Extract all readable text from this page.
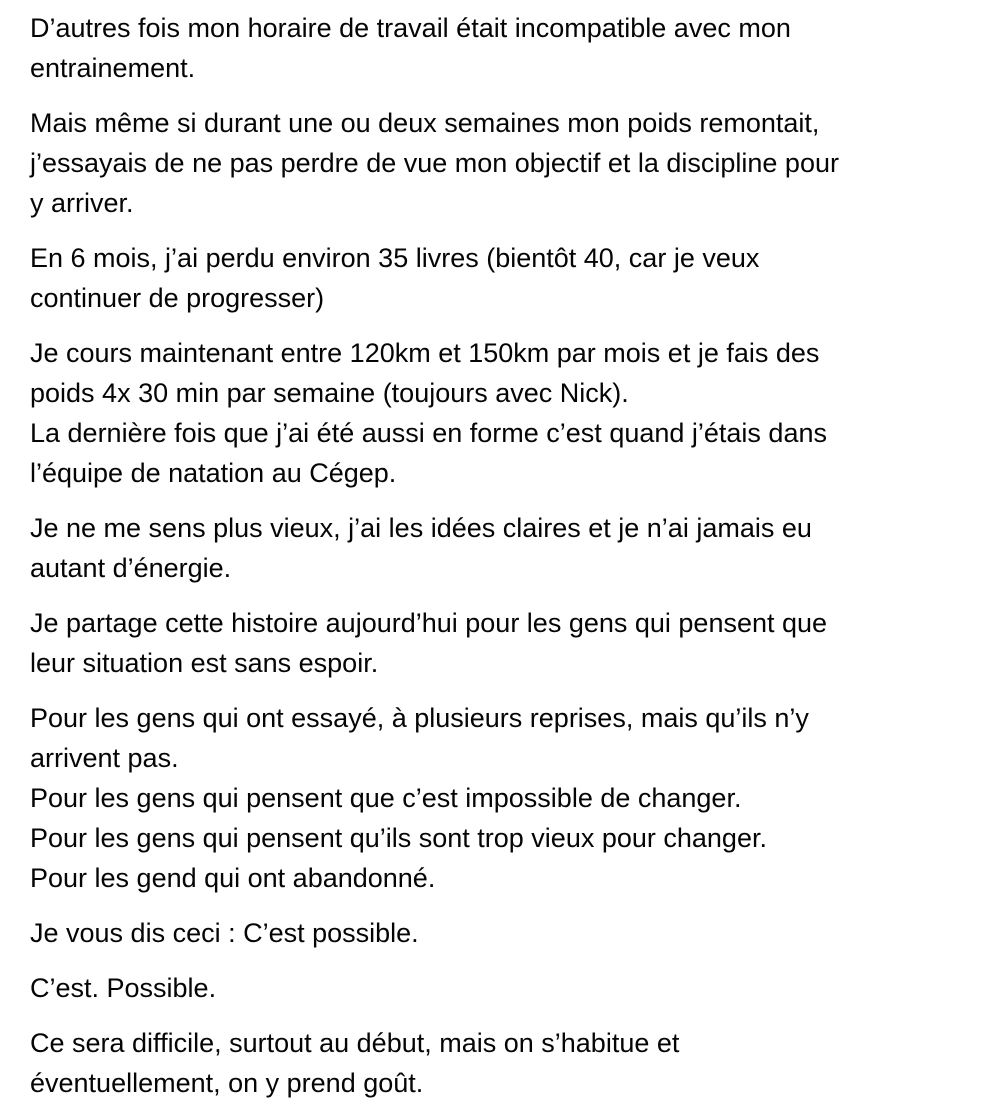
D’autres fois mon horaire de travail était incompatible avec mon
entrainement.
Mais même si durant une ou deux semaines mon poids remontait,
j’essayais de ne pas perdre de vue mon objectif et la discipline pour
y arriver.
En 6 mois, j’ai perdu environ 35 livres (bientôt 40, car je veux
continuer de progresser)
Je cours maintenant entre 120km et 150km par mois et je fais des
poids 4x 30 min par semaine (toujours avec Nick).
La dernière fois que j’ai été aussi en forme c’est quand j’étais dans
l’équipe de natation au Cégep.
Je ne me sens plus vieux, j’ai les idées claires et je n’ai jamais eu
autant d’énergie.
Je partage cette histoire aujourd’hui pour les gens qui pensent que
leur situation est sans espoir.
Pour les gens qui ont essayé, à plusieurs reprises, mais qu’ils n’y
arrivent pas.
Pour les gens qui pensent que c’est impossible de changer.
Pour les gens qui pensent qu’ils sont trop vieux pour changer.
Pour les gend qui ont abandonné.
Je vous dis ceci : C’est possible.
C’est. Possible.
Ce sera difficile, surtout au début, mais on s’habitue et
éventuellement, on y prend goût.
